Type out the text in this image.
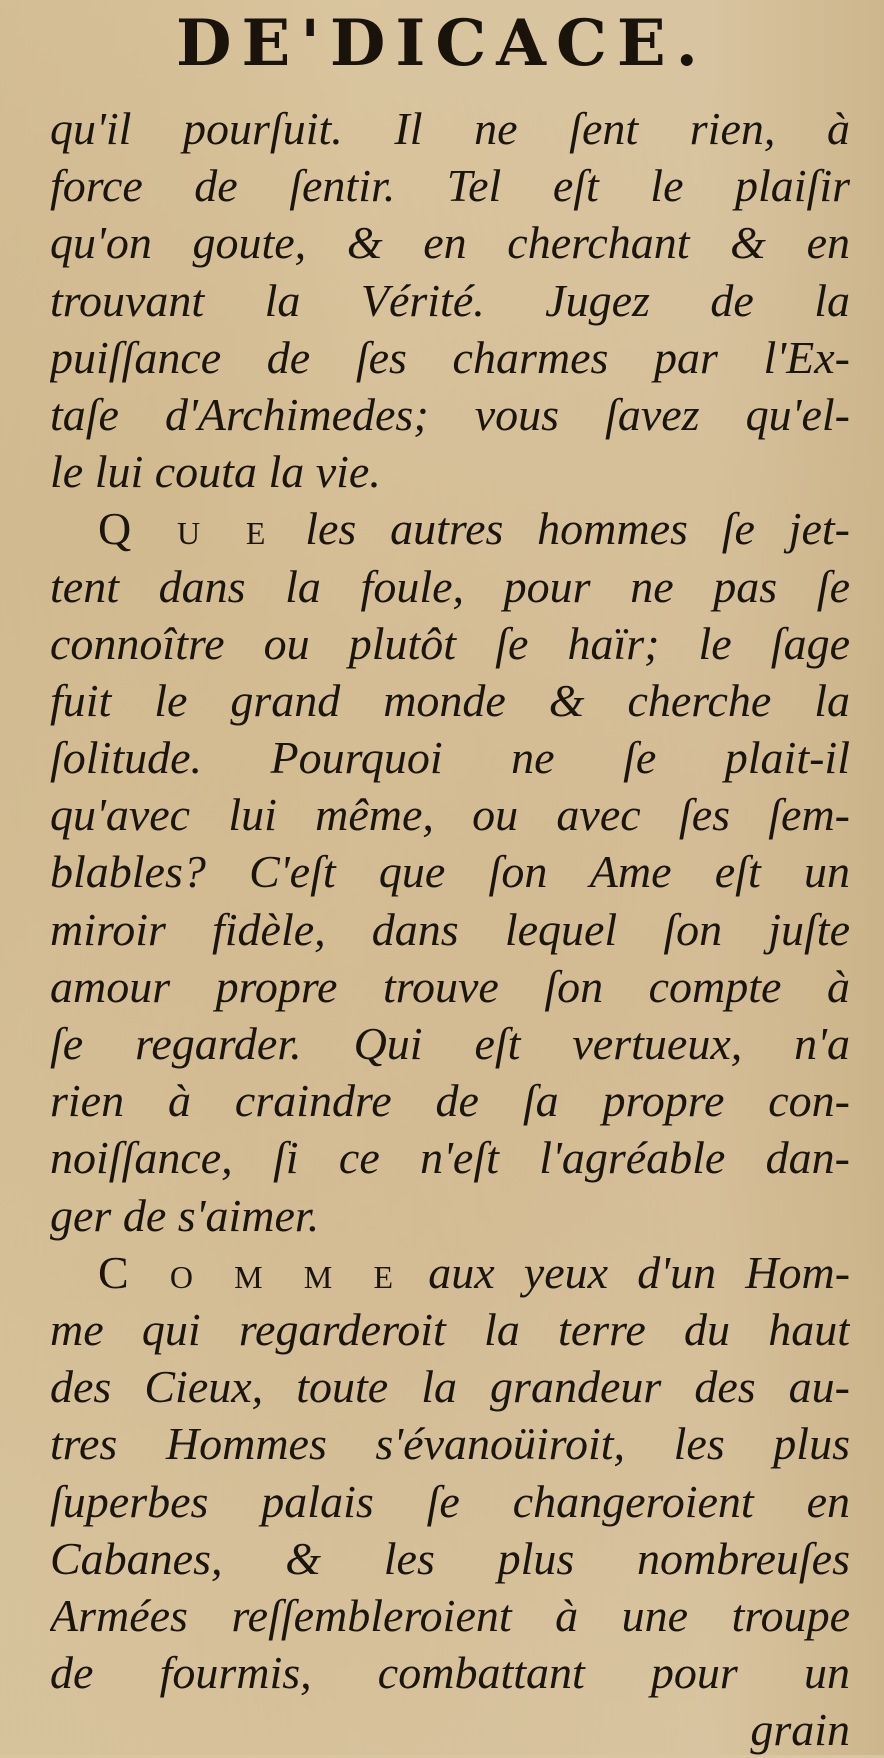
DE'DICACE.
qu'il pourſuit. Il ne ſent rien, à
force de ſentir. Tel eſt le plaiſir
qu'on goute, & en cherchant & en
trouvant la Vérité. Jugez de la
puiſſance de ſes charmes par l'Ex-
taſe d'Archimedes; vous ſavez qu'el-
le lui couta la vie.
Q u e les autres hommes ſe jet-
tent dans la foule, pour ne pas ſe
connoître ou plutôt ſe haïr; le ſage
fuit le grand monde & cherche la
ſolitude. Pourquoi ne ſe plait-il
qu'avec lui même, ou avec ſes ſem-
blables? C'eſt que ſon Ame eſt un
miroir fidèle, dans lequel ſon juſte
amour propre trouve ſon compte à
ſe regarder. Qui eſt vertueux, n'a
rien à craindre de ſa propre con-
noiſſance, ſi ce n'eſt l'agréable dan-
ger de s'aimer.
C o m m e aux yeux d'un Hom-
me qui regarderoit la terre du haut
des Cieux, toute la grandeur des au-
tres Hommes s'évanoüiroit, les plus
ſuperbes palais ſe changeroient en
Cabanes, & les plus nombreuſes
Armées reſſembleroient à une troupe
de fourmis, combattant pour un
grain
